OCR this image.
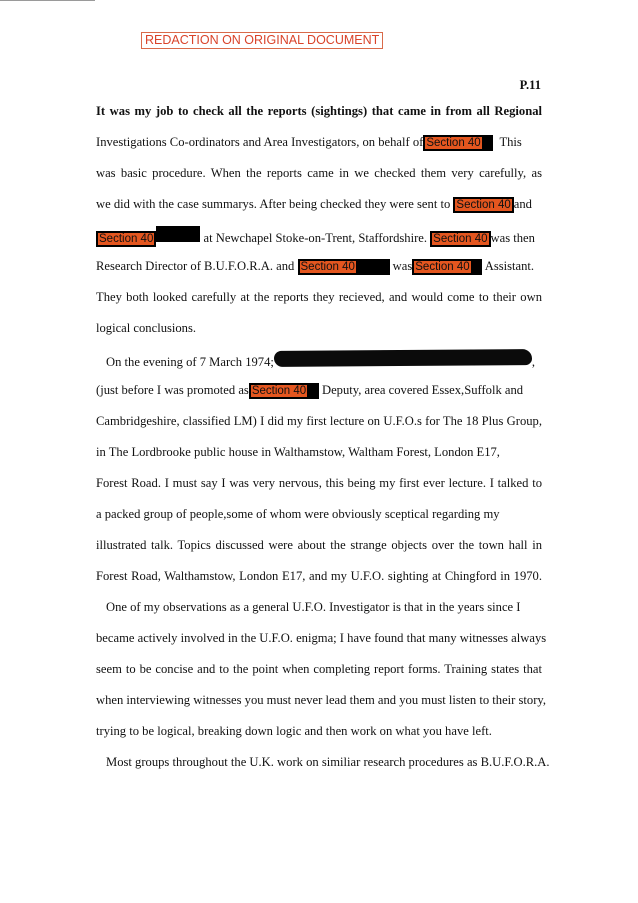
REDACTION ON ORIGINAL DOCUMENT
P.11
It was my job to check all the reports (sightings) that came in from all Regional
Investigations Co-ordinators and Area Investigators, on behalf of Section 40 This
was basic procedure. When the reports came in we checked them very carefully, as
we did with the case summarys. After being checked they were sent to Section 40 and
Section 40	at Newchapel Stoke-on-Trent, Staffordshire. Section 40 was then
Research Director of B.U.F.O.R.A. and Section 40	was Section 40 Assistant.
They both looked carefully at the reports they recieved, and would come to their own
logical conclusions.
On the evening of 7 March 1974;	,
(just before I was promoted as Section 40 Deputy, area covered Essex,Suffolk and
Cambridgeshire, classified LM) I did my first lecture on U.F.O.s for The 18 Plus Group,
in The Lordbrooke public house in Walthamstow, Waltham Forest, London E17,
Forest Road. I must say I was very nervous, this being my first ever lecture. I talked to
a packed group of people,some of whom were obviously sceptical regarding my
illustrated talk. Topics discussed were about the strange objects over the town hall in
Forest Road, Walthamstow, London E17, and my U.F.O. sighting at Chingford in 1970.
One of my observations as a general U.F.O. Investigator is that in the years since I
became actively involved in the U.F.O. enigma; I have found that many witnesses always
seem to be concise and to the point when completing report forms. Training states that
when interviewing witnesses you must never lead them and you must listen to their story,
trying to be logical, breaking down logic and then work on what you have left.
Most groups throughout the U.K. work on similiar research procedures as B.U.F.O.R.A.
